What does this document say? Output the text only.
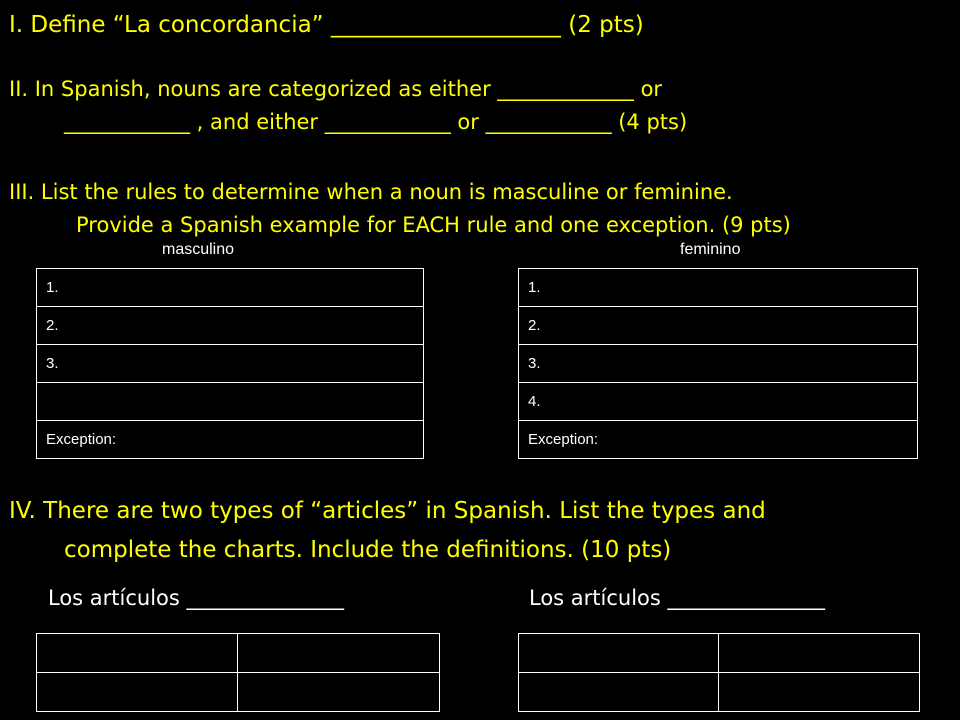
I. Define “La concordancia” ____________________ (2 pts)
II. In Spanish, nouns are categorized as either _____________ or
____________ , and either ____________ or ____________ (4 pts)
III. List the rules to determine when a noun is masculine or feminine.
Provide a Spanish example for EACH rule and one exception. (9 pts)
masculino	feminino
1.
2.
3.

Exception:
1.
2.
3.
4.
Exception:
IV. There are two types of “articles” in Spanish. List the types and
complete the charts. Include the definitions. (10 pts)
Los artículos _______________	Los artículos _______________
